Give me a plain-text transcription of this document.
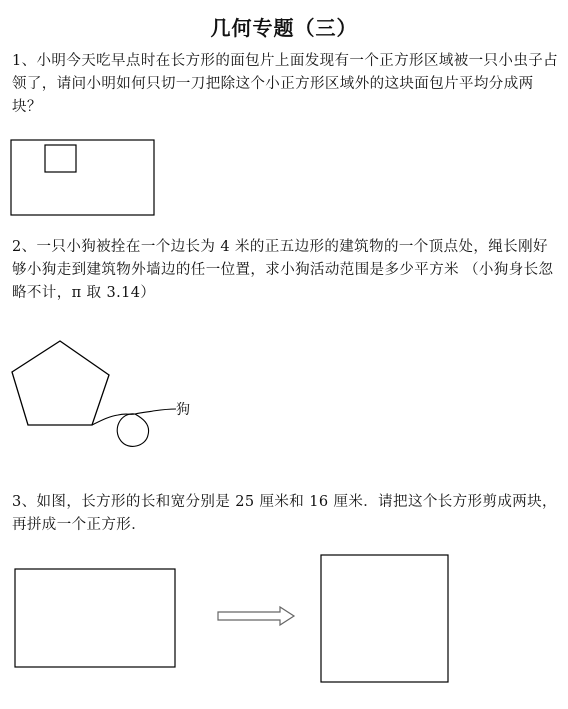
几何专题（三）
1、小明今天吃早点时在长方形的面包片上面发现有一个正方形区域被一只小虫子占领了，请问小明如何只切一刀把除这个小正方形区域外的这块面包片平均分成两块？
2、一只小狗被拴在一个边长为 4 米的正五边形的建筑物的一个顶点处，绳长刚好够小狗走到建筑物外墙边的任一位置，求小狗活动范围是多少平方米 （小狗身长忽略不计，π 取 3.14）
3、如图，长方形的长和宽分别是 25 厘米和 16 厘米．请把这个长方形剪成两块，再拼成一个正方形．
狗
